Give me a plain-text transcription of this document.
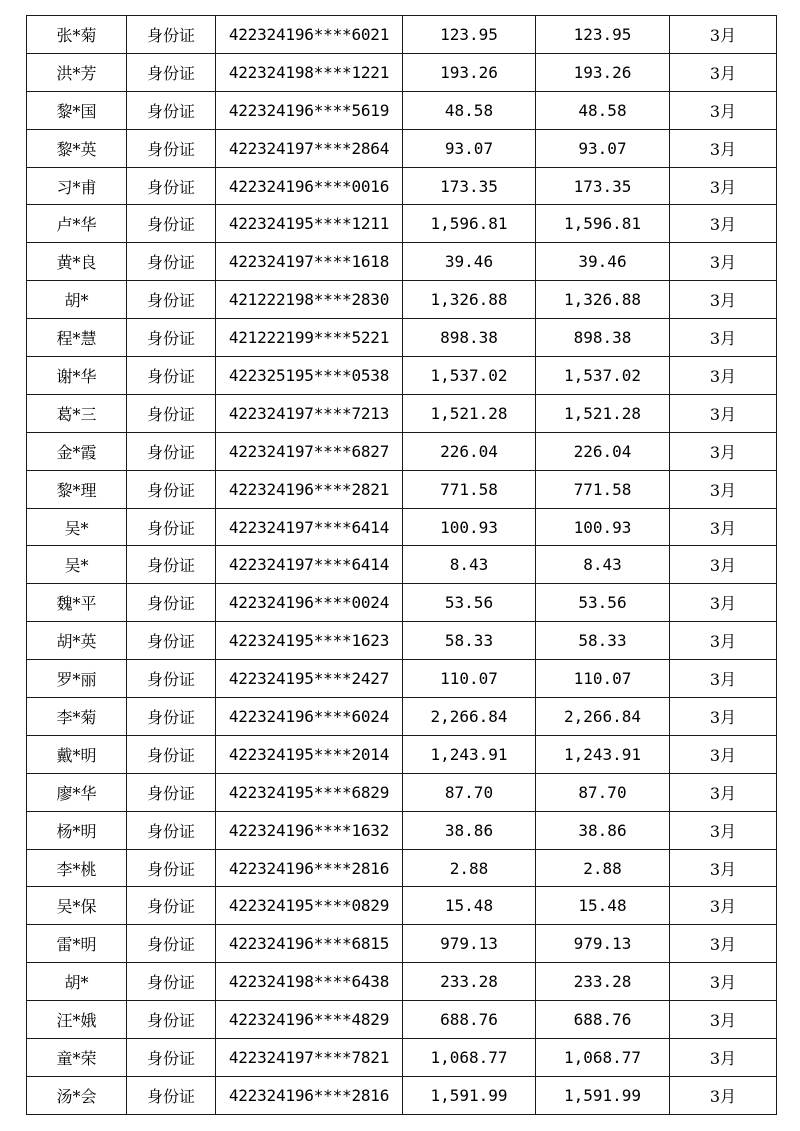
张*菊	身份证	422324196****6021	123.95	123.95	3月
洪*芳	身份证	422324198****1221	193.26	193.26	3月
黎*国	身份证	422324196****5619	48.58	48.58	3月
黎*英	身份证	422324197****2864	93.07	93.07	3月
习*甫	身份证	422324196****0016	173.35	173.35	3月
卢*华	身份证	422324195****1211	1,596.81	1,596.81	3月
黄*良	身份证	422324197****1618	39.46	39.46	3月
胡*	身份证	421222198****2830	1,326.88	1,326.88	3月
程*慧	身份证	421222199****5221	898.38	898.38	3月
谢*华	身份证	422325195****0538	1,537.02	1,537.02	3月
葛*三	身份证	422324197****7213	1,521.28	1,521.28	3月
金*霞	身份证	422324197****6827	226.04	226.04	3月
黎*理	身份证	422324196****2821	771.58	771.58	3月
吴*	身份证	422324197****6414	100.93	100.93	3月
吴*	身份证	422324197****6414	8.43	8.43	3月
魏*平	身份证	422324196****0024	53.56	53.56	3月
胡*英	身份证	422324195****1623	58.33	58.33	3月
罗*丽	身份证	422324195****2427	110.07	110.07	3月
李*菊	身份证	422324196****6024	2,266.84	2,266.84	3月
戴*明	身份证	422324195****2014	1,243.91	1,243.91	3月
廖*华	身份证	422324195****6829	87.70	87.70	3月
杨*明	身份证	422324196****1632	38.86	38.86	3月
李*桃	身份证	422324196****2816	2.88	2.88	3月
吴*保	身份证	422324195****0829	15.48	15.48	3月
雷*明	身份证	422324196****6815	979.13	979.13	3月
胡*	身份证	422324198****6438	233.28	233.28	3月
汪*娥	身份证	422324196****4829	688.76	688.76	3月
童*荣	身份证	422324197****7821	1,068.77	1,068.77	3月
汤*会	身份证	422324196****2816	1,591.99	1,591.99	3月
